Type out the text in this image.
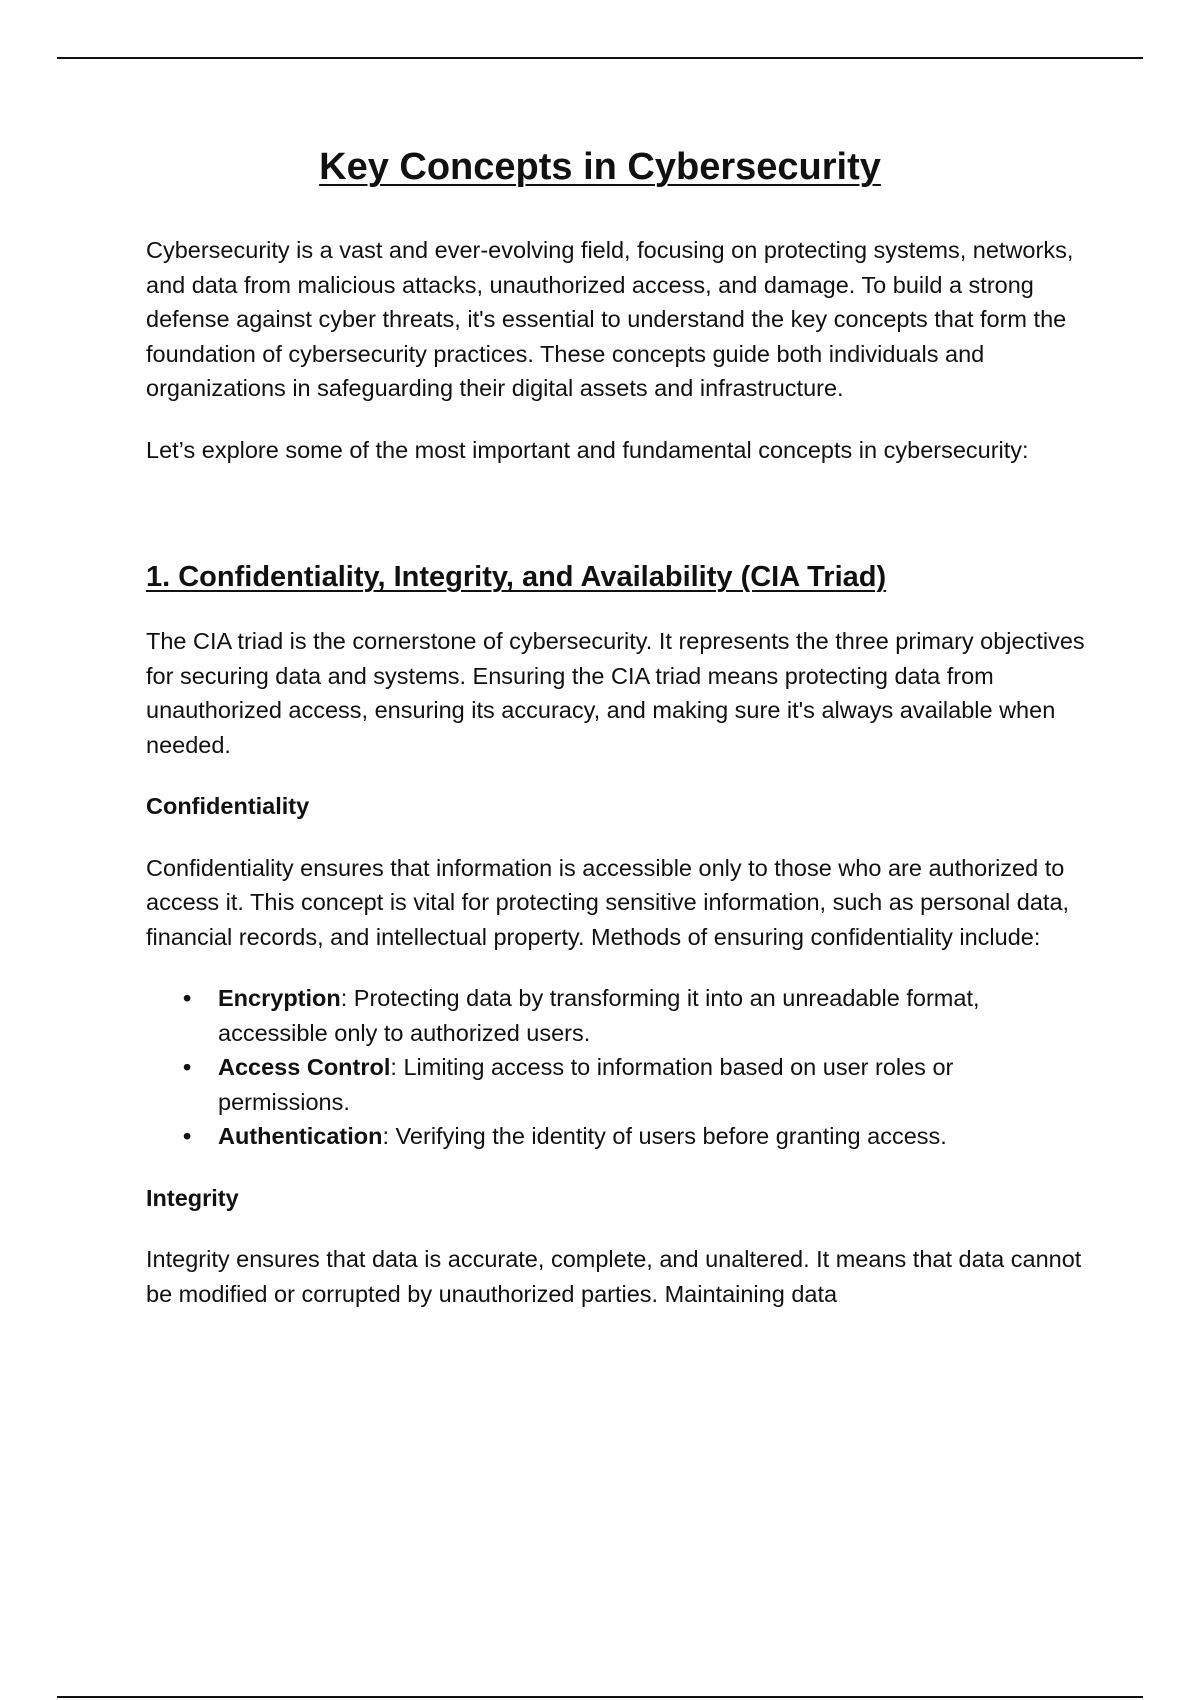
Key Concepts in Cybersecurity

Cybersecurity is a vast and ever-evolving field, focusing on protecting systems, networks, and data from malicious attacks, unauthorized access, and damage. To build a strong defense against cyber threats, it's essential to understand the key concepts that form the foundation of cybersecurity practices. These concepts guide both individuals and organizations in safeguarding their digital assets and infrastructure.

Let’s explore some of the most important and fundamental concepts in cybersecurity:

1. Confidentiality, Integrity, and Availability (CIA Triad)

The CIA triad is the cornerstone of cybersecurity. It represents the three primary objectives for securing data and systems. Ensuring the CIA triad means protecting data from unauthorized access, ensuring its accuracy, and making sure it's always available when needed.

Confidentiality

Confidentiality ensures that information is accessible only to those who are authorized to access it. This concept is vital for protecting sensitive information, such as personal data, financial records, and intellectual property. Methods of ensuring confidentiality include:

• Encryption: Protecting data by transforming it into an unreadable format, accessible only to authorized users.
• Access Control: Limiting access to information based on user roles or permissions.
• Authentication: Verifying the identity of users before granting access.
Integrity

Integrity ensures that data is accurate, complete, and unaltered. It means that data cannot be modified or corrupted by unauthorized parties. Maintaining data
